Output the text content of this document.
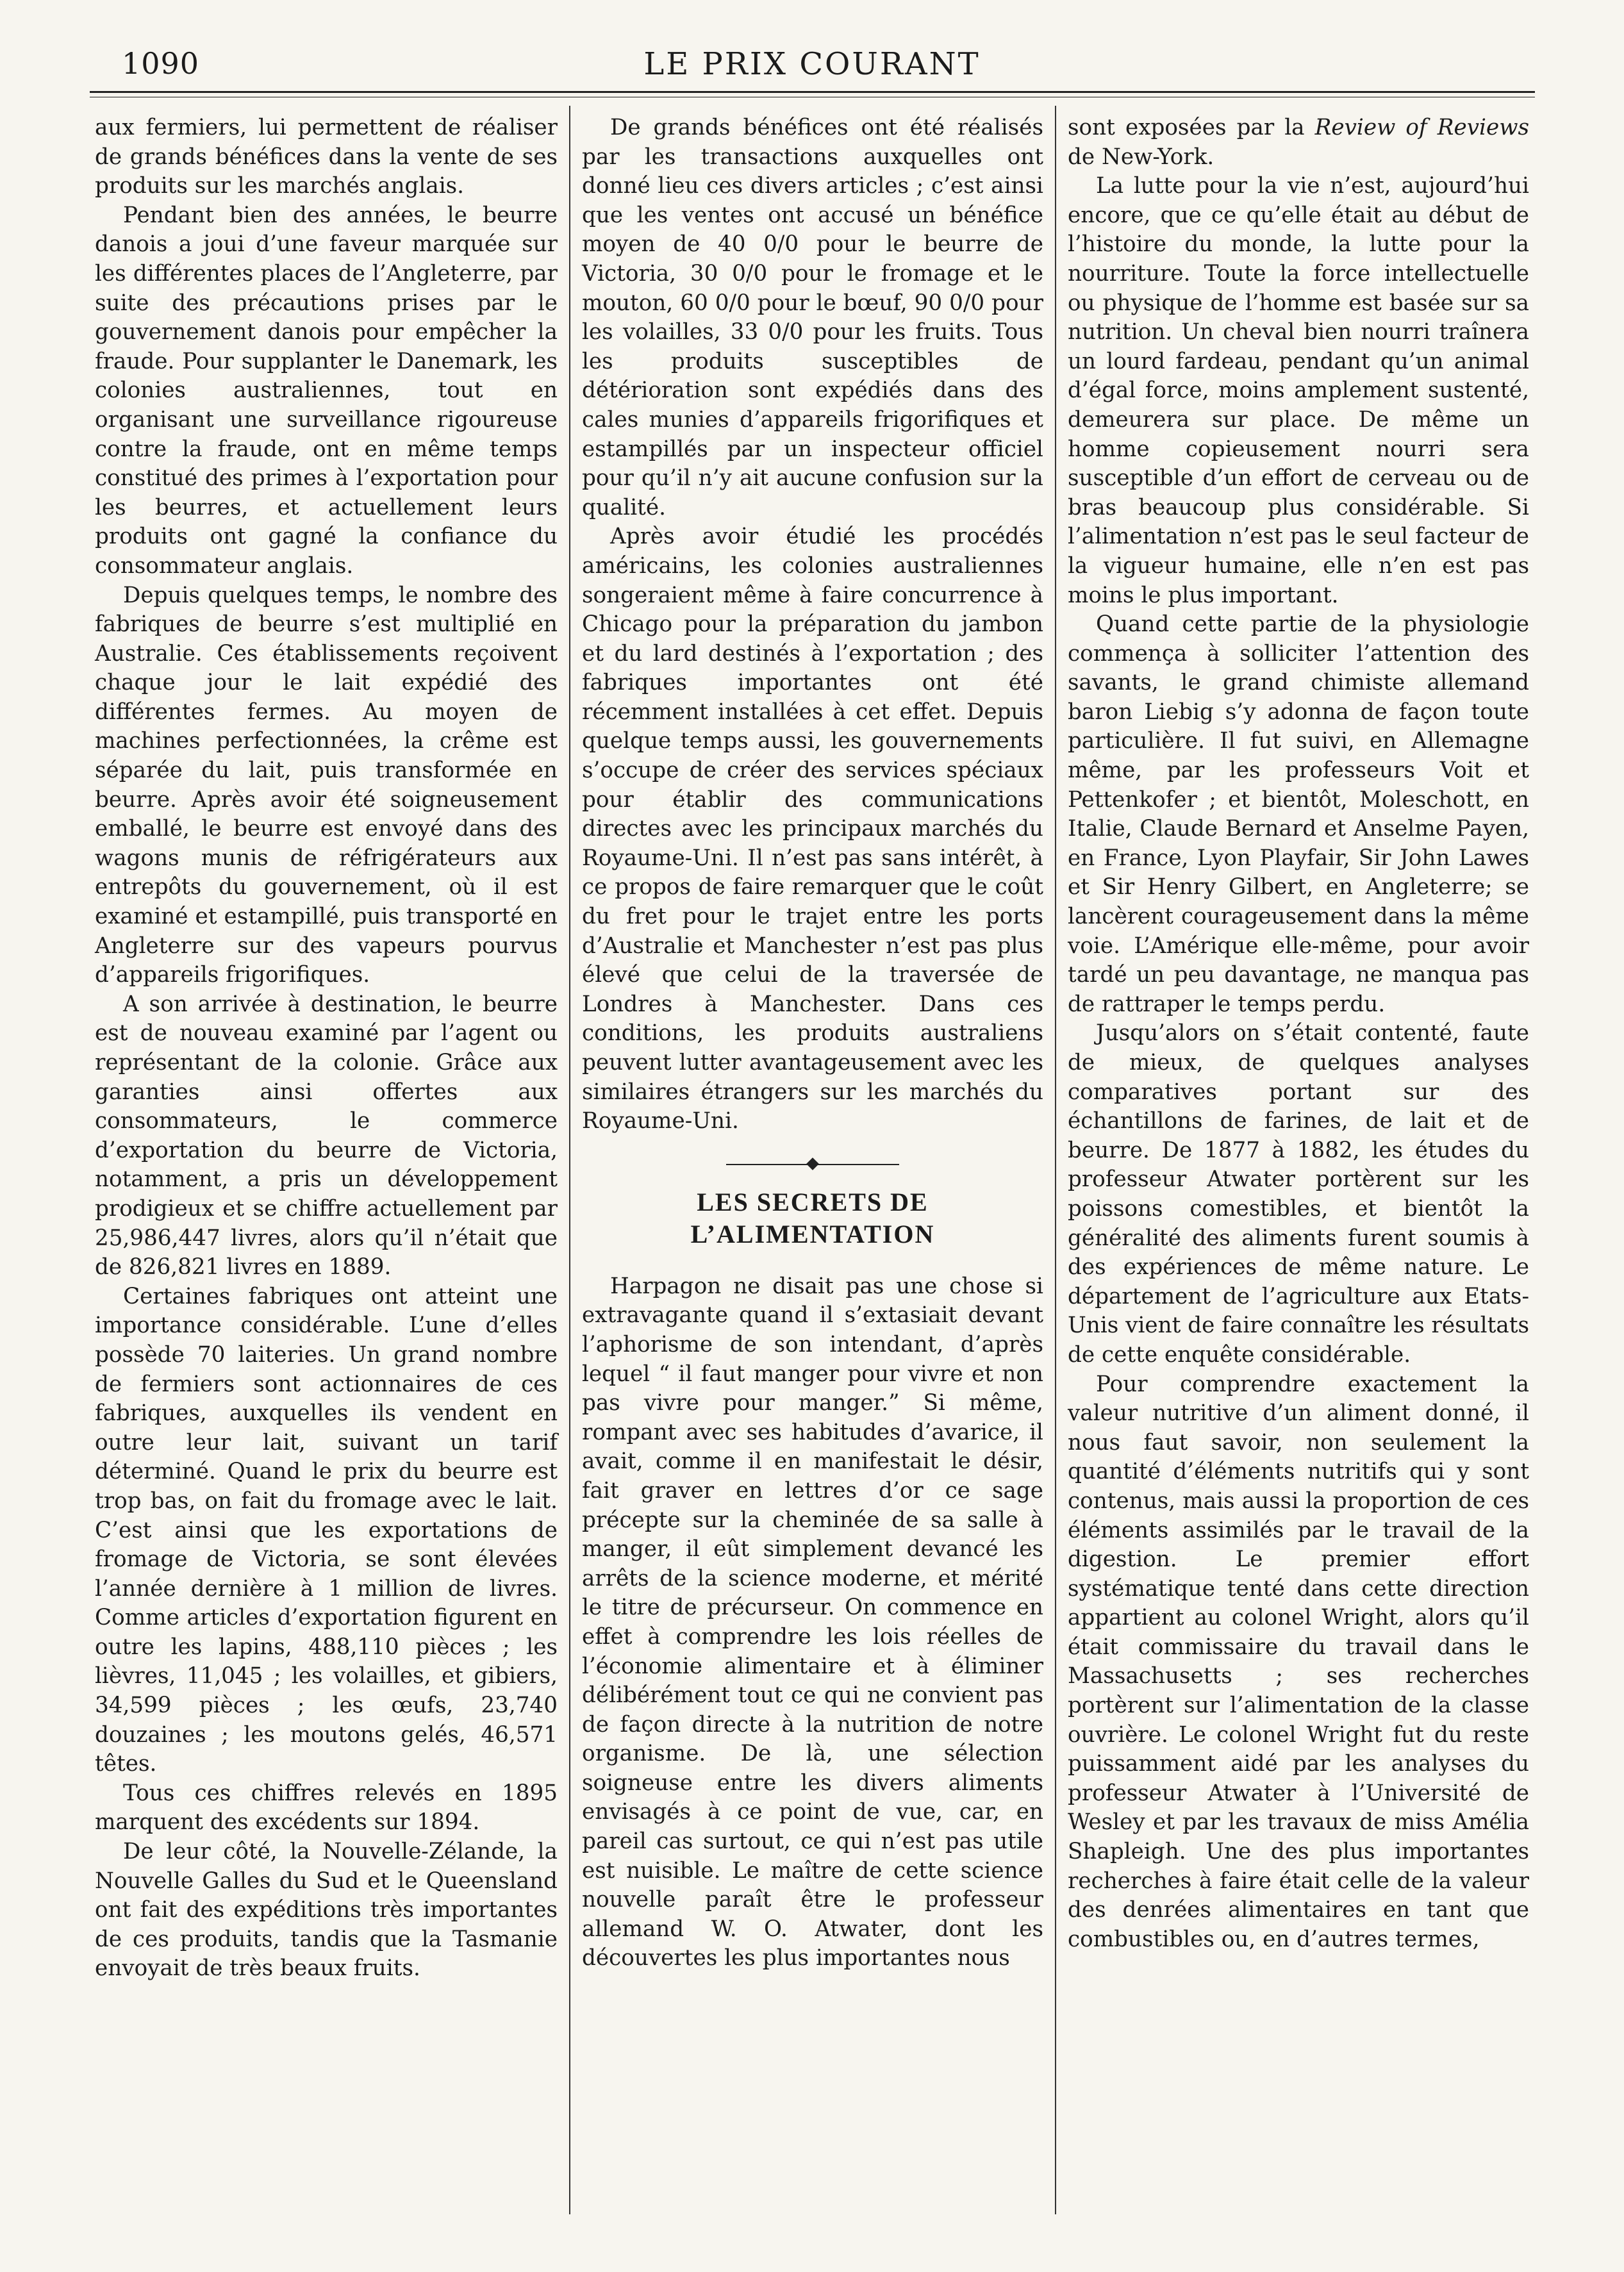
1090	LE PRIX COURANT

aux fermiers, lui permettent de réaliser de grands bénéfices dans la vente de ses produits sur les marchés anglais.

Pendant bien des années, le beurre danois a joui d’une faveur marquée sur les différentes places de l’Angleterre, par suite des précautions prises par le gouvernement danois pour empêcher la fraude. Pour supplanter le Danemark, les colonies australiennes, tout en organisant une surveillance rigoureuse contre la fraude, ont en même temps constitué des primes à l’exportation pour les beurres, et actuellement leurs produits ont gagné la confiance du consommateur anglais.

Depuis quelques temps, le nombre des fabriques de beurre s’est multiplié en Australie. Ces établissements reçoivent chaque jour le lait expédié des différentes fermes. Au moyen de machines perfectionnées, la crême est séparée du lait, puis transformée en beurre. Après avoir été soigneusement emballé, le beurre est envoyé dans des wagons munis de réfrigérateurs aux entrepôts du gouvernement, où il est examiné et estampillé, puis transporté en Angleterre sur des vapeurs pourvus d’appareils frigorifiques.

A son arrivée à destination, le beurre est de nouveau examiné par l’agent ou représentant de la colonie. Grâce aux garanties ainsi offertes aux consommateurs, le commerce d’exportation du beurre de Victoria, notamment, a pris un développement prodigieux et se chiffre actuellement par 25,986,447 livres, alors qu’il n’était que de 826,821 livres en 1889.

Certaines fabriques ont atteint une importance considérable. L’une d’elles possède 70 laiteries. Un grand nombre de fermiers sont actionnaires de ces fabriques, auxquelles ils vendent en outre leur lait, suivant un tarif déterminé. Quand le prix du beurre est trop bas, on fait du fromage avec le lait. C’est ainsi que les exportations de fromage de Victoria, se sont élevées l’année dernière à 1 million de livres. Comme articles d’exportation figurent en outre les lapins, 488,110 pièces ; les lièvres, 11,045 ; les volailles, et gibiers, 34,599 pièces ; les œufs, 23,740 douzaines ; les moutons gelés, 46,571 têtes.

Tous ces chiffres relevés en 1895 marquent des excédents sur 1894.

De leur côté, la Nouvelle-Zélande, la Nouvelle Galles du Sud et le Queensland ont fait des expéditions très importantes de ces produits, tandis que la Tasmanie envoyait de très beaux fruits.

De grands bénéfices ont été réalisés par les transactions auxquelles ont donné lieu ces divers articles ; c’est ainsi que les ventes ont accusé un bénéfice moyen de 40 0/0 pour le beurre de Victoria, 30 0/0 pour le fromage et le mouton, 60 0/0 pour le bœuf, 90 0/0 pour les volailles, 33 0/0 pour les fruits. Tous les produits susceptibles de détérioration sont expédiés dans des cales munies d’appareils frigorifiques et estampillés par un inspecteur officiel pour qu’il n’y ait aucune confusion sur la qualité.

Après avoir étudié les procédés américains, les colonies australiennes songeraient même à faire concurrence à Chicago pour la préparation du jambon et du lard destinés à l’exportation ; des fabriques importantes ont été récemment installées à cet effet. Depuis quelque temps aussi, les gouvernements s’occupe de créer des services spéciaux pour établir des communications directes avec les principaux marchés du Royaume-Uni. Il n’est pas sans intérêt, à ce propos de faire remarquer que le coût du fret pour le trajet entre les ports d’Australie et Manchester n’est pas plus élevé que celui de la traversée de Londres à Manchester. Dans ces conditions, les produits australiens peuvent lutter avantageusement avec les similaires étrangers sur les marchés du Royaume-Uni.

LES SECRETS DE L’ALIMENTATION

Harpagon ne disait pas une chose si extravagante quand il s’extasiait devant l’aphorisme de son intendant, d’après lequel “ il faut manger pour vivre et non pas vivre pour manger.” Si même, rompant avec ses habitudes d’avarice, il avait, comme il en manifestait le désir, fait graver en lettres d’or ce sage précepte sur la cheminée de sa salle à manger, il eût simplement devancé les arrêts de la science moderne, et mérité le titre de précurseur. On commence en effet à comprendre les lois réelles de l’économie alimentaire et à éliminer délibérément tout ce qui ne convient pas de façon directe à la nutrition de notre organisme. De là, une sélection soigneuse entre les divers aliments envisagés à ce point de vue, car, en pareil cas surtout, ce qui n’est pas utile est nuisible. Le maître de cette science nouvelle paraît être le professeur allemand W. O. Atwater, dont les découvertes les plus importantes nous

sont exposées par la Review of Reviews de New-York.

La lutte pour la vie n’est, aujourd’hui encore, que ce qu’elle était au début de l’histoire du monde, la lutte pour la nourriture. Toute la force intellectuelle ou physique de l’homme est basée sur sa nutrition. Un cheval bien nourri traînera un lourd fardeau, pendant qu’un animal d’égal force, moins amplement sustenté, demeurera sur place. De même un homme copieusement nourri sera susceptible d’un effort de cerveau ou de bras beaucoup plus considérable. Si l’alimentation n’est pas le seul facteur de la vigueur humaine, elle n’en est pas moins le plus important.

Quand cette partie de la physiologie commença à solliciter l’attention des savants, le grand chimiste allemand baron Liebig s’y adonna de façon toute particulière. Il fut suivi, en Allemagne même, par les professeurs Voit et Pettenkofer ; et bientôt, Moleschott, en Italie, Claude Bernard et Anselme Payen, en France, Lyon Playfair, Sir John Lawes et Sir Henry Gilbert, en Angleterre; se lancèrent courageusement dans la même voie. L’Amérique elle-même, pour avoir tardé un peu davantage, ne manqua pas de rattraper le temps perdu.

Jusqu’alors on s’était contenté, faute de mieux, de quelques analyses comparatives portant sur des échantillons de farines, de lait et de beurre. De 1877 à 1882, les études du professeur Atwater portèrent sur les poissons comestibles, et bientôt la généralité des aliments furent soumis à des expériences de même nature. Le département de l’agriculture aux Etats-Unis vient de faire connaître les résultats de cette enquête considérable.

Pour comprendre exactement la valeur nutritive d’un aliment donné, il nous faut savoir, non seulement la quantité d’éléments nutritifs qui y sont contenus, mais aussi la proportion de ces éléments assimilés par le travail de la digestion. Le premier effort systématique tenté dans cette direction appartient au colonel Wright, alors qu’il était commissaire du travail dans le Massachusetts ; ses recherches portèrent sur l’alimentation de la classe ouvrière. Le colonel Wright fut du reste puissamment aidé par les analyses du professeur Atwater à l’Université de Wesley et par les travaux de miss Amélia Shapleigh. Une des plus importantes recherches à faire était celle de la valeur des denrées alimentaires en tant que combustibles ou, en d’autres termes,
